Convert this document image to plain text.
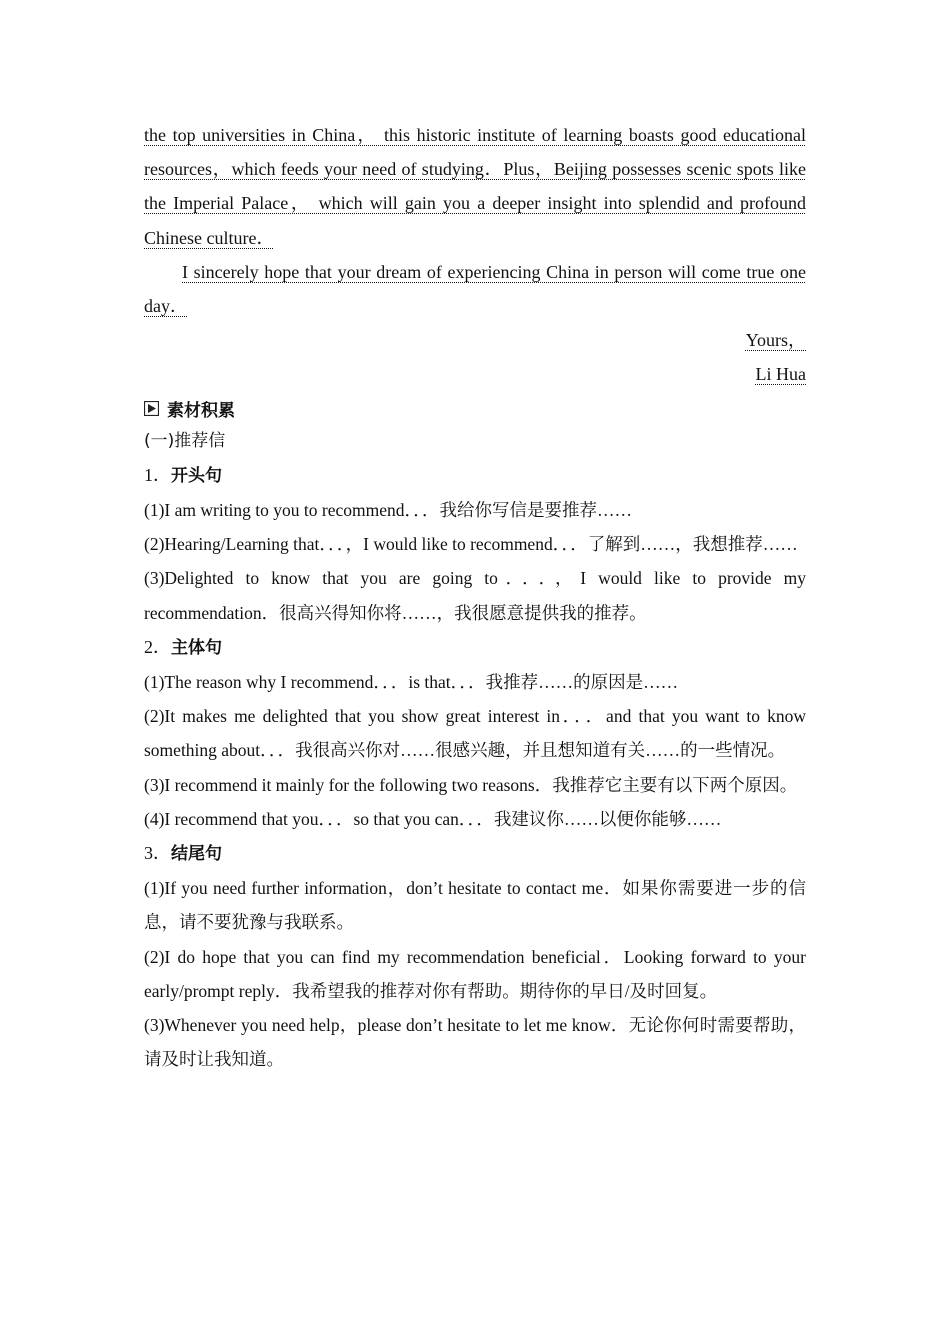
the top universities in China， this historic institute of learning boasts good educational resources，which feeds your need of studying．Plus，Beijing possesses scenic spots like the Imperial Palace， which will gain you a deeper insight into splendid and profound Chinese culture．

I sincerely hope that your dream of experiencing China in person will come true one day．

Yours，

Li Hua

素材积累

(一)推荐信

1．开头句

(1)I am writing to you to recommend．．．我给你写信是要推荐……

(2)Hearing/Learning that．．．，I would like to recommend．．．了解到……，我想推荐……

(3)Delighted to know that you are going to．．．，I would like to provide my recommendation．很高兴得知你将……，我很愿意提供我的推荐。

2．主体句

(1)The reason why I recommend．．．is that．．．我推荐……的原因是……

(2)It makes me delighted that you show great interest in．．．and that you want to know something about．．．我很高兴你对……很感兴趣，并且想知道有关……的一些情况。

(3)I recommend it mainly for the following two reasons．我推荐它主要有以下两个原因。

(4)I recommend that you．．．so that you can．．．我建议你……以便你能够……

3．结尾句

(1)If you need further information，don’t hesitate to contact me．如果你需要进一步的信息，请不要犹豫与我联系。

(2)I do hope that you can find my recommendation beneficial．Looking forward to your early/prompt reply．我希望我的推荐对你有帮助。期待你的早日/及时回复。

(3)Whenever you need help，please don’t hesitate to let me know．无论你何时需要帮助，请及时让我知道。
